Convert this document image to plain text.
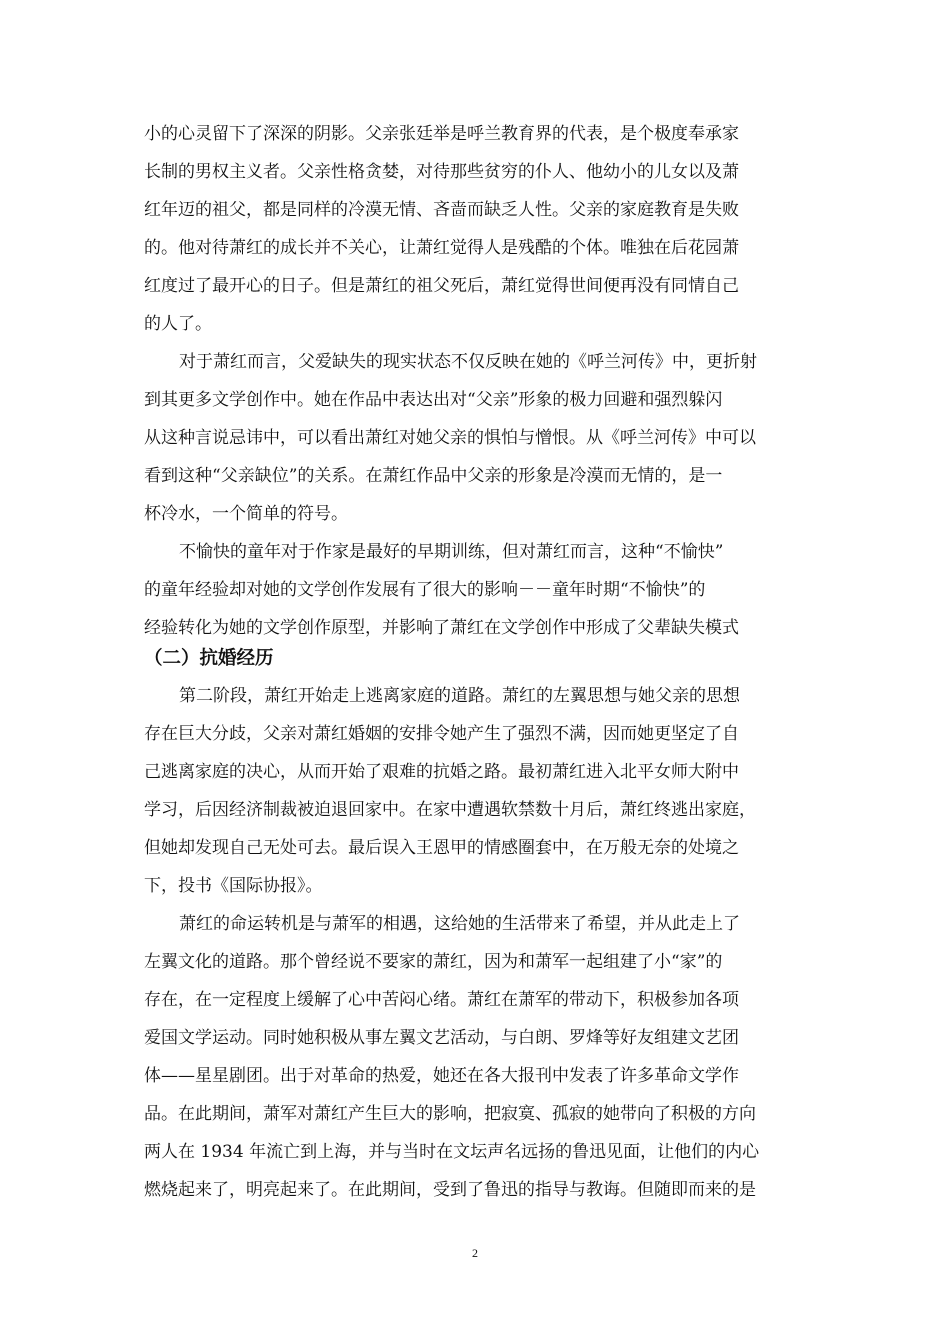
小的心灵留下了深深的阴影。父亲张廷举是呼兰教育界的代表，是个极度奉承家
长制的男权主义者。父亲性格贪婪，对待那些贫穷的仆人、他幼小的儿女以及萧
红年迈的祖父，都是同样的冷漠无情、吝啬而缺乏人性。父亲的家庭教育是失败
的。他对待萧红的成长并不关心，让萧红觉得人是残酷的个体。唯独在后花园萧
红度过了最开心的日子。但是萧红的祖父死后，萧红觉得世间便再没有同情自己
的人了。
对于萧红而言，父爱缺失的现实状态不仅反映在她的《呼兰河传》中，更折射
到其更多文学创作中。她在作品中表达出对“父亲”形象的极力回避和强烈躲闪
从这种言说忌讳中，可以看出萧红对她父亲的惧怕与憎恨。从《呼兰河传》中可以
看到这种“父亲缺位”的关系。在萧红作品中父亲的形象是冷漠而无情的，是一
杯冷水，一个简单的符号。
不愉快的童年对于作家是最好的早期训练，但对萧红而言，这种“不愉快”
的童年经验却对她的文学创作发展有了很大的影响－－童年时期“不愉快”的
经验转化为她的文学创作原型，并影响了萧红在文学创作中形成了父辈缺失模式
（二）抗婚经历
第二阶段，萧红开始走上逃离家庭的道路。萧红的左翼思想与她父亲的思想
存在巨大分歧，父亲对萧红婚姻的安排令她产生了强烈不满，因而她更坚定了自
己逃离家庭的决心，从而开始了艰难的抗婚之路。最初萧红进入北平女师大附中
学习，后因经济制裁被迫退回家中。在家中遭遇软禁数十月后，萧红终逃出家庭，
但她却发现自己无处可去。最后误入王恩甲的情感圈套中，在万般无奈的处境之
下，投书《国际协报》。
萧红的命运转机是与萧军的相遇，这给她的生活带来了希望，并从此走上了
左翼文化的道路。那个曾经说不要家的萧红，因为和萧军一起组建了小“家”的
存在，在一定程度上缓解了心中苦闷心绪。萧红在萧军的带动下，积极参加各项
爱国文学运动。同时她积极从事左翼文艺活动，与白朗、罗烽等好友组建文艺团
体——星星剧团。出于对革命的热爱，她还在各大报刊中发表了许多革命文学作
品。在此期间，萧军对萧红产生巨大的影响，把寂寞、孤寂的她带向了积极的方向
两人在 1934 年流亡到上海，并与当时在文坛声名远扬的鲁迅见面，让他们的内心
燃烧起来了，明亮起来了。在此期间，受到了鲁迅的指导与教诲。但随即而来的是
2
